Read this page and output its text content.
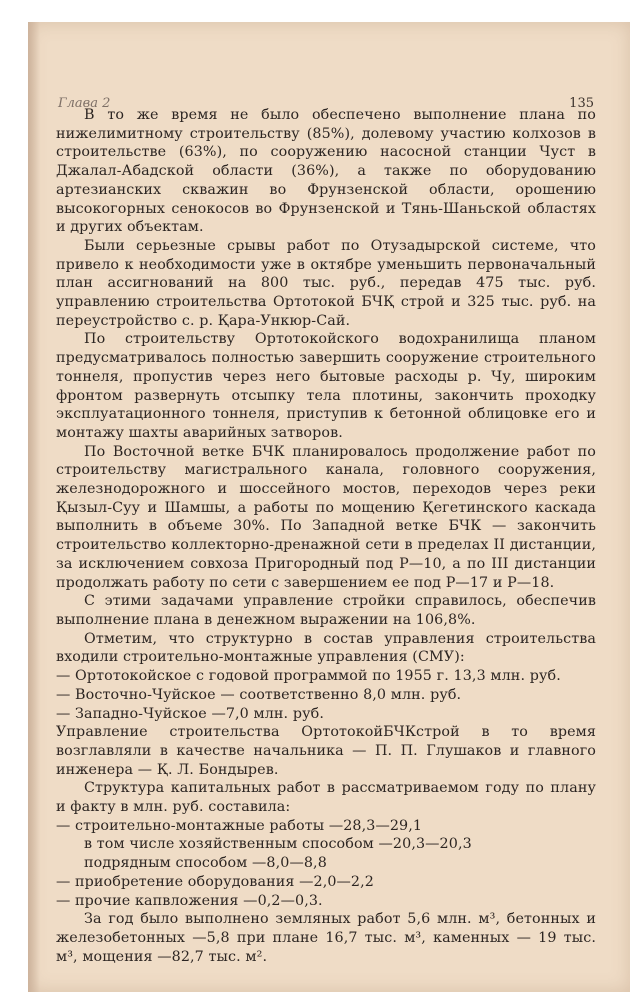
Глава 2	135

В то же время не было обеспечено выполнение плана по нижелимитному строительству (85%), долевому участию колхозов в строительстве (63%), по сооружению насосной станции Чуст в Джалал-Абадской области (36%), а также по оборудованию артезианских скважин во Фрунзенской области, орошению высокогорных сенокосов во Фрунзенской и Тянь-Шаньской областях и других объектам.

Были серьезные срывы работ по Отузадырской системе, что привело к необходимости уже в октябре уменьшить первоначальный план ассигнований на 800 тыс. руб., передав 475 тыс. руб. управлению строительства Ортотокой БЧҚ строй и 325 тыс. руб. на переустройство с. р. Қара-Ункюр-Сай.

По строительству Ортотокойского водохранилища планом предусматривалось полностью завершить сооружение строительного тоннеля, пропустив через него бытовые расходы р. Чу, широким фронтом развернуть отсыпку тела плотины, закончить проходку эксплуатационного тоннеля, приступив к бетонной облицовке его и монтажу шахты аварийных затворов.

По Восточной ветке БЧК планировалось продолжение работ по строительству магистрального канала, головного сооружения, железнодорожного и шоссейного мостов, переходов через реки Қызыл-Суу и Шамшы, а работы по мощению Қегетинского каскада выполнить в объеме 30%. По Западной ветке БЧК — закончить строительство коллекторно-дренажной сети в пределах II дистанции, за исключением совхоза Пригородный под Р—10, а по III дистанции продолжать работу по сети с завершением ее под Р—17 и Р—18.

С этими задачами управление стройки справилось, обеспечив выполнение плана в денежном выражении на 106,8%.

Отметим, что структурно в состав управления строительства входили строительно-монтажные управления (СМУ):

— Ортотокойское с годовой программой по 1955 г. 13,3 млн. руб.

— Восточно-Чуйское — соответственно 8,0 млн. руб.

— Западно-Чуйское —7,0 млн. руб.

Управление строительства ОртотокойБЧКстрой в то время возглавляли в качестве начальника — П. П. Глушаков и главного инженера — Қ. Л. Бондырев.

Структура капитальных работ в рассматриваемом году по плану и факту в млн. руб. составила:

— строительно-монтажные работы —28,3—29,1

в том числе хозяйственным способом —20,3—20,3

подрядным способом —8,0—8,8

— приобретение оборудования —2,0—2,2

— прочие капвложения —0,2—0,3.

За год было выполнено земляных работ 5,6 млн. м³, бетонных и железобетонных —5,8 при плане 16,7 тыс. м³, каменных — 19 тыс. м³, мощения —82,7 тыс. м².
